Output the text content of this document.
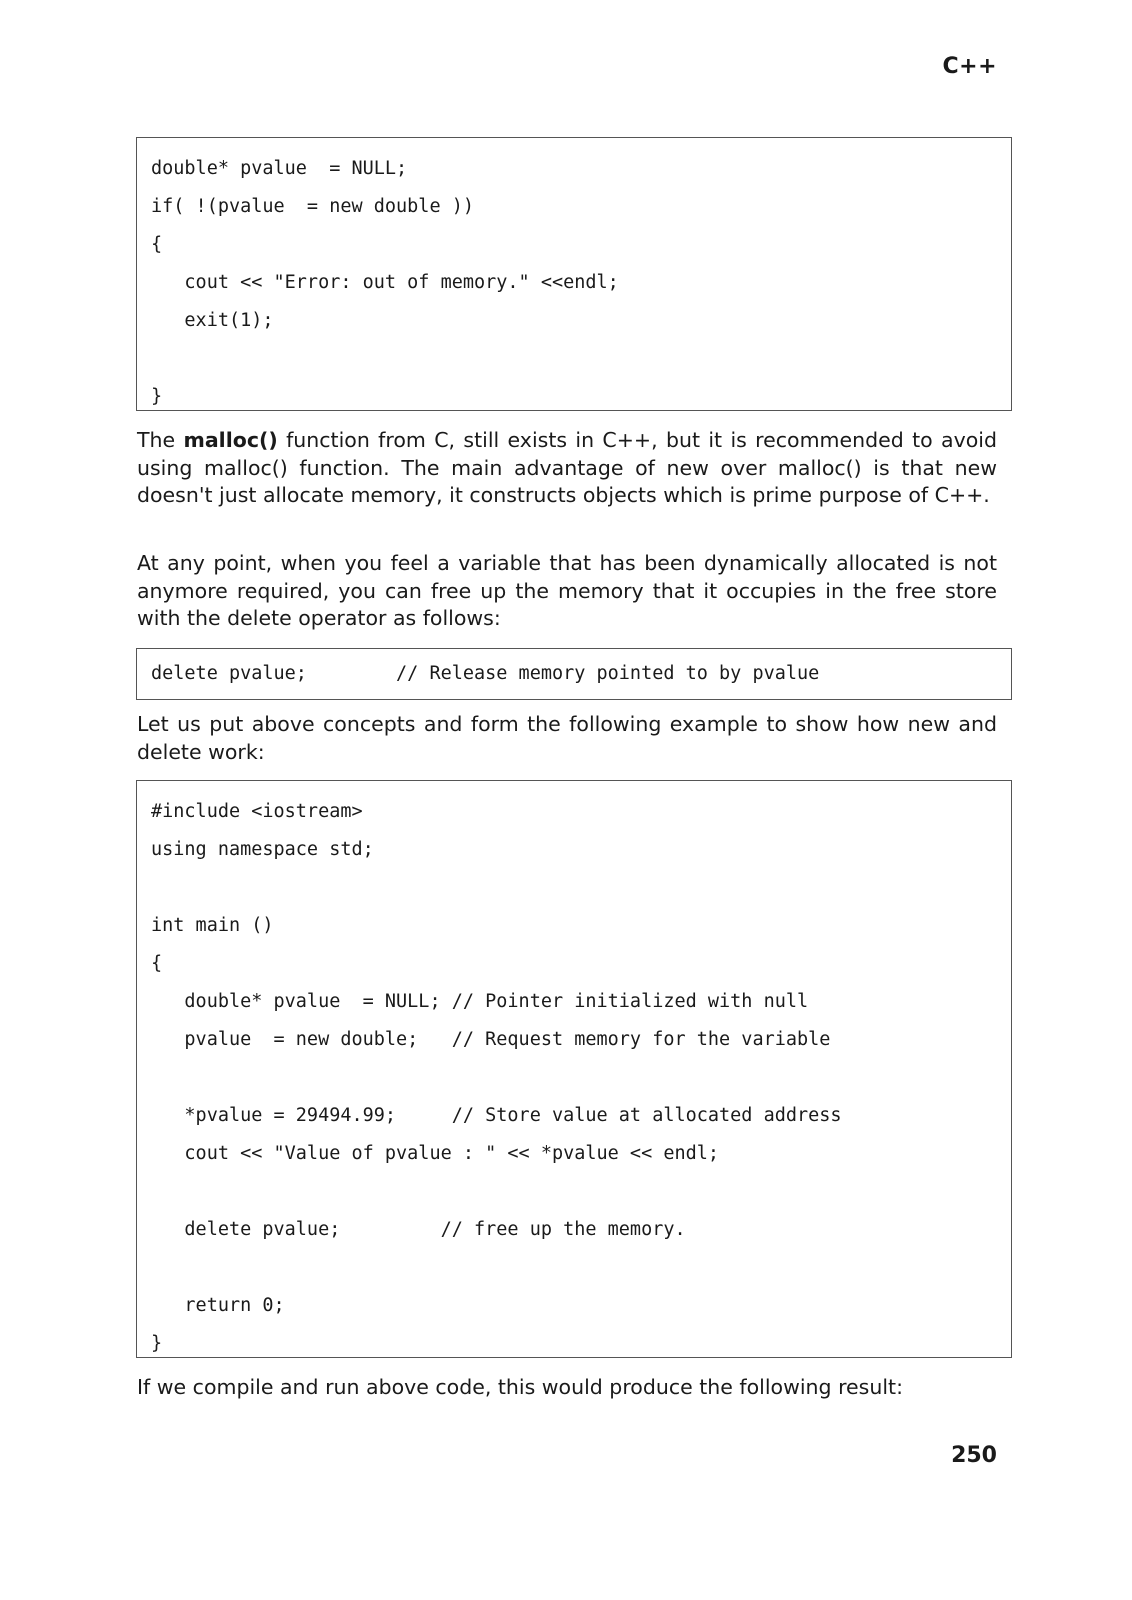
C++
double* pvalue  = NULL;
if( !(pvalue  = new double ))
{
cout << "Error: out of memory." <<endl;
exit(1);
}
The malloc() function from C, still exists in C++, but it is recommended to avoid using malloc() function. The main advantage of new over malloc() is that new doesn't just allocate memory, it constructs objects which is prime purpose of C++.
At any point, when you feel a variable that has been dynamically allocated is not anymore required, you can free up the memory that it occupies in the free store with the delete operator as follows:
delete pvalue;        // Release memory pointed to by pvalue
Let us put above concepts and form the following example to show how new and delete work:
#include <iostream>
using namespace std;
int main ()
{
double* pvalue  = NULL; // Pointer initialized with null
pvalue  = new double;   // Request memory for the variable
*pvalue = 29494.99;     // Store value at allocated address
cout << "Value of pvalue : " << *pvalue << endl;
delete pvalue;         // free up the memory.
return 0;
}
If we compile and run above code, this would produce the following result:
250
